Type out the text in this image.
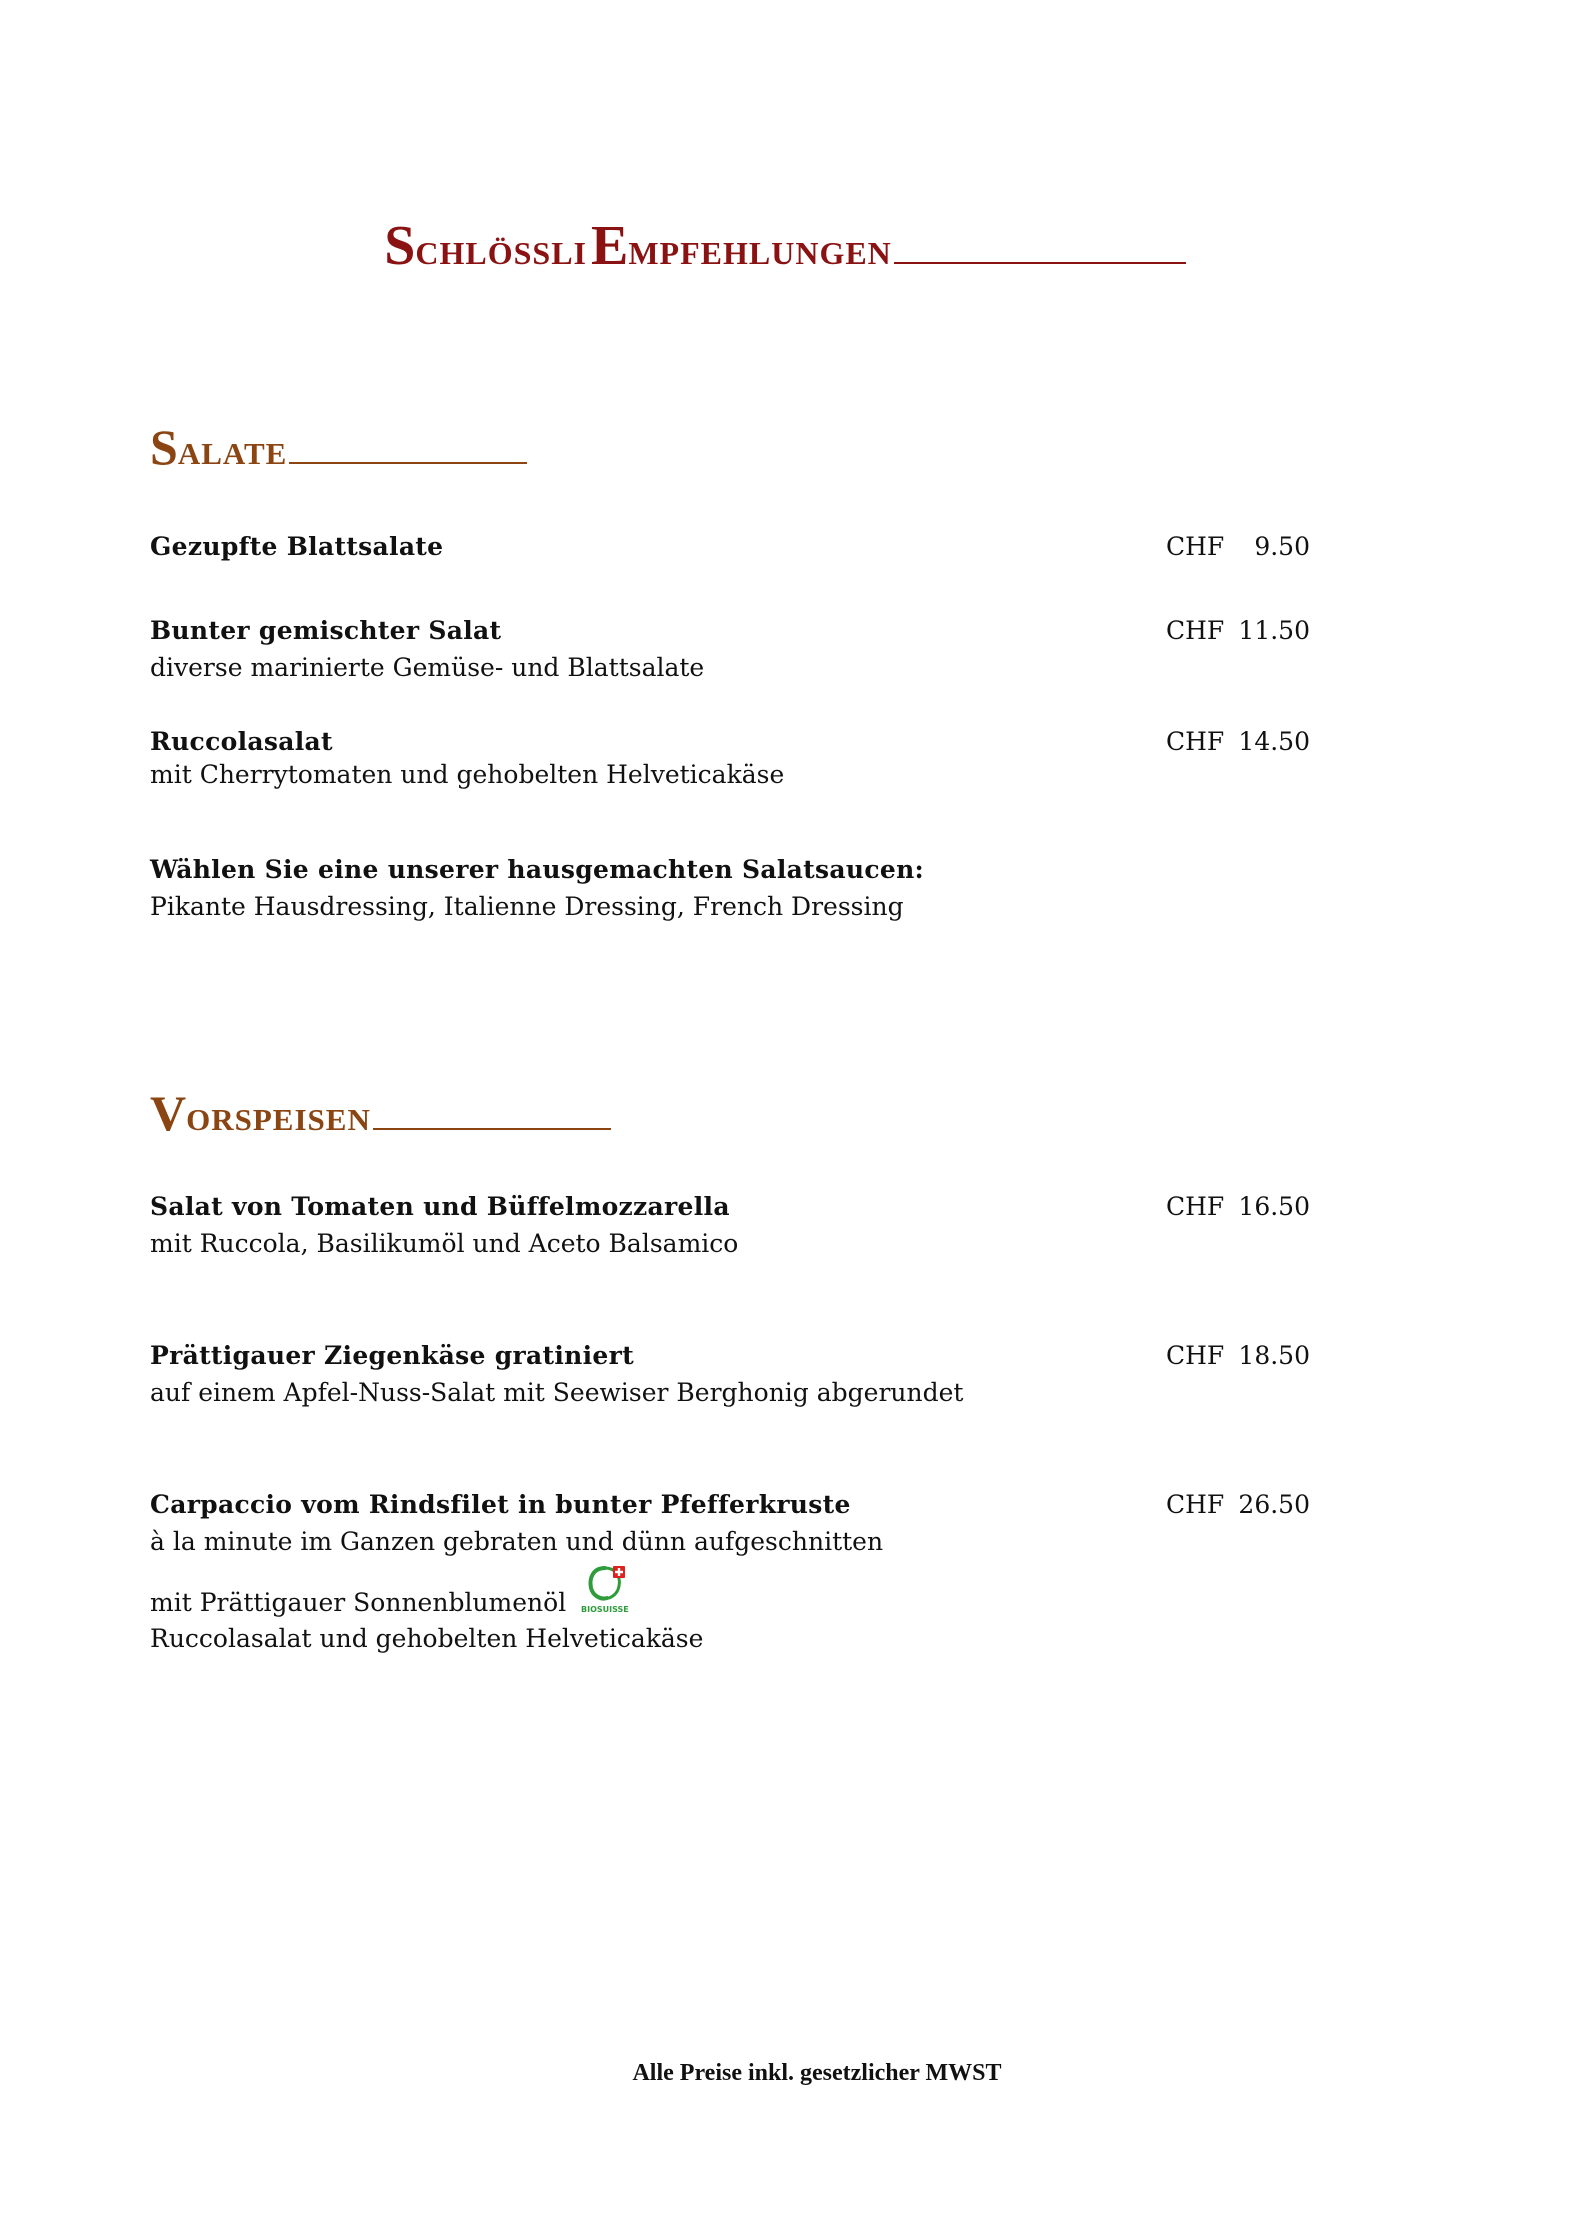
SCHLÖSSLI EMPFEHLUNGEN
SALATE
Gezupfte Blattsalate	CHF 9.50
Bunter gemischter Salat
diverse marinierte Gemüse- und Blattsalate
CHF 11.50
Ruccolasalat
mit Cherrytomaten und gehobelten Helveticakäse
CHF 14.50
Wählen Sie eine unserer hausgemachten Salatsaucen:
Pikante Hausdressing, Italienne Dressing, French Dressing
VORSPEISEN
Salat von Tomaten und Büffelmozzarella
mit Ruccola, Basilikumöl und Aceto Balsamico
CHF 16.50
Prättigauer Ziegenkäse gratiniert
auf einem Apfel-Nuss-Salat mit Seewiser Berghonig abgerundet
CHF 18.50
Carpaccio vom Rindsfilet in bunter Pfefferkruste
à la minute im Ganzen gebraten und dünn aufgeschnitten
mit Prättigauer Sonnenblumenöl
Ruccolasalat und gehobelten Helveticakäse
CHF 26.50
BIOSUISSE
Alle Preise inkl. gesetzlicher MWST
